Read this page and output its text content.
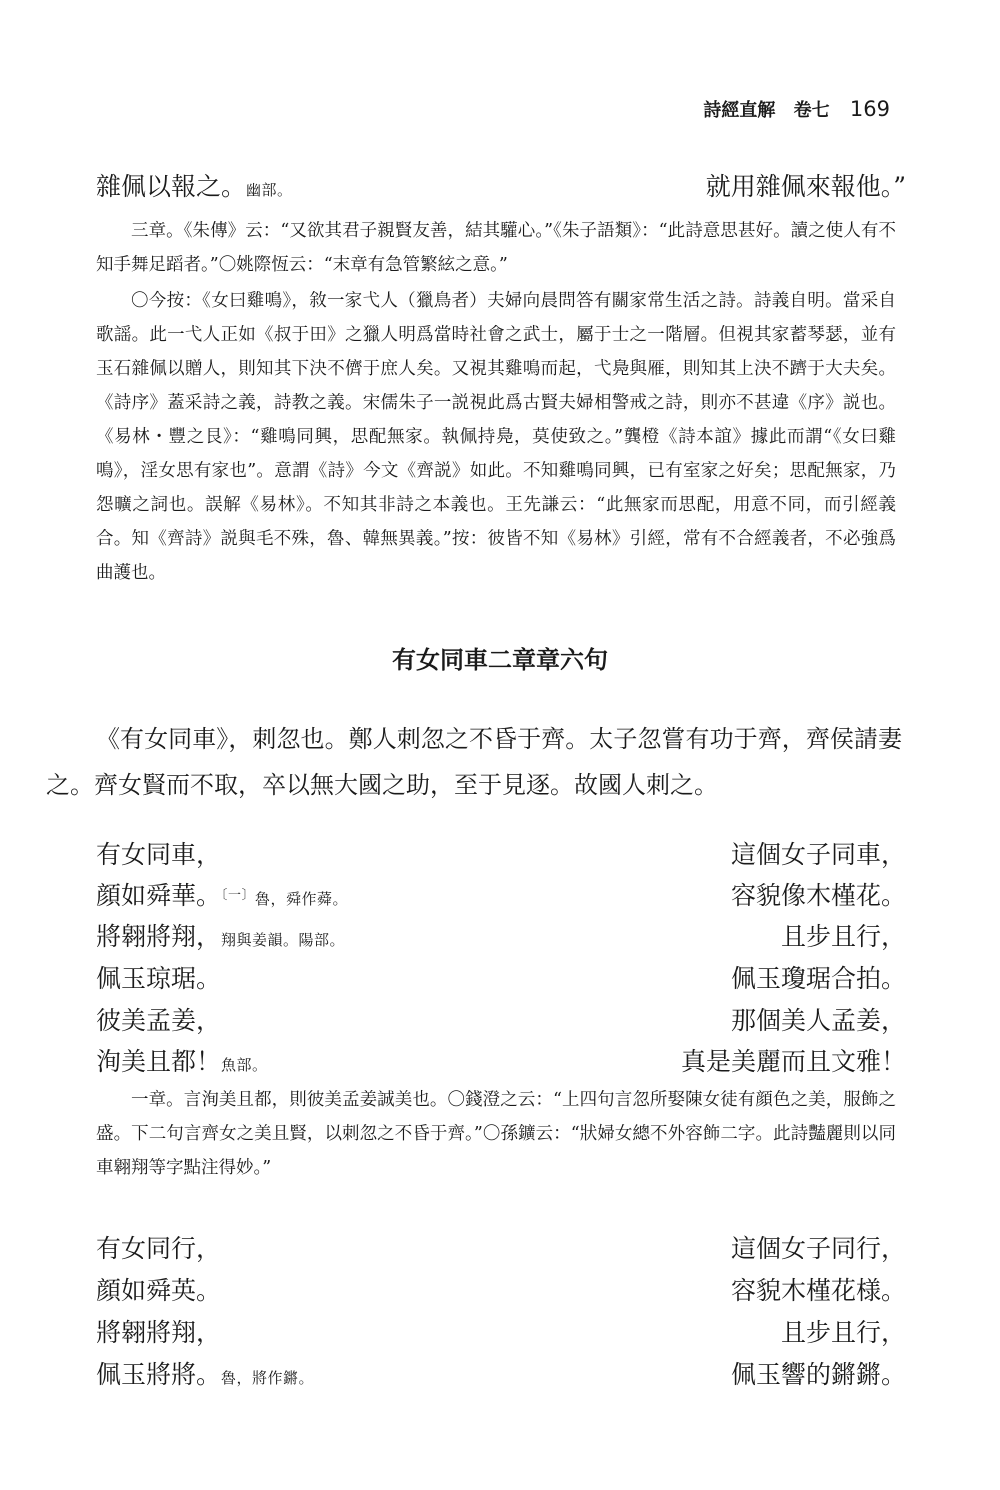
詩經直解 卷七 169
雜佩以報之。幽部。	就用雜佩來報他。”

三章。《朱傳》云：“又欲其君子親賢友善，結其驩心。”《朱子語類》：“此詩意思甚好。讀之使人有不知手舞足蹈者。”〇姚際恆云：“末章有急管繁絃之意。”

〇今按：《女曰雞鳴》，敘一家弋人（獵鳥者）夫婦向晨問答有關家常生活之詩。詩義自明。當采自歌謡。此一弋人正如《叔于田》之獵人明爲當時社會之武士，屬于士之一階層。但視其家蓄琴瑟，並有玉石雜佩以贈人，則知其下決不儕于庶人矣。又視其雞鳴而起，弋鳧與雁，則知其上決不躋于大夫矣。《詩序》蓋采詩之義，詩教之義。宋儒朱子一説視此爲古賢夫婦相警戒之詩，則亦不甚違《序》説也。《易林・豐之艮》：“雞鳴同興，思配無家。執佩持鳧，莫使致之。”龔橙《詩本誼》據此而謂“《女曰雞鳴》，淫女思有家也”。意謂《詩》今文《齊説》如此。不知雞鳴同興，已有室家之好矣；思配無家，乃怨曠之詞也。誤解《易林》。不知其非詩之本義也。王先謙云：“此無家而思配，用意不同，而引經義合。知《齊詩》説與毛不殊，魯、韓無異義。”按：彼皆不知《易林》引經，常有不合經義者，不必強爲曲護也。

有女同車二章章六句

《有女同車》，刺忽也。鄭人刺忽之不昏于齊。太子忽嘗有功于齊，齊侯請妻之。齊女賢而不取，卒以無大國之助，至于見逐。故國人刺之。

有女同車，	這個女子同車，
顔如舜華。$^{〔一〕}$魯，舜作蕣。	容貌像木槿花。
將翱將翔，翔與姜韻。陽部。	且步且行，
佩玉琼琚。	佩玉瓊琚合拍。
彼美孟姜，	那個美人孟姜，
洵美且都！魚部。	真是美麗而且文雅！

一章。言洵美且都，則彼美孟姜誠美也。〇錢澄之云：“上四句言忽所娶陳女徒有顔色之美，服飾之盛。下二句言齊女之美且賢，以刺忽之不昏于齊。”〇孫鑛云：“狀婦女總不外容飾二字。此詩豔麗則以同車翱翔等字點注得妙。”

有女同行，	這個女子同行，
顔如舜英。	容貌木槿花様。
將翱將翔，	且步且行，
佩玉將將。魯，將作鏘。	佩玉響的鏘鏘。
